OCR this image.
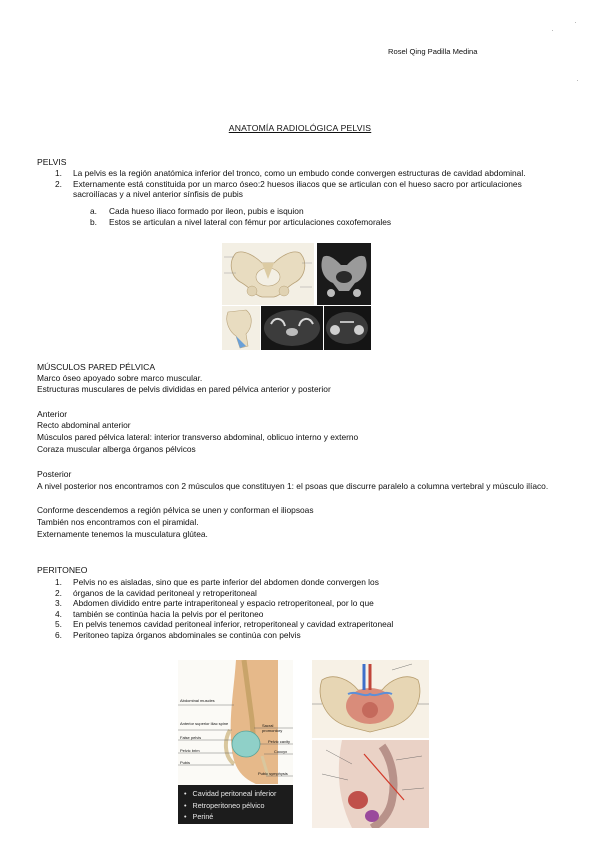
Rosel Qing Padilla Medina
ANATOMÍA RADIOLÓGICA PELVIS
PELVIS
1. La pelvis es la región anatómica inferior del tronco, como un embudo conde convergen estructuras de cavidad abdominal.
2. Externamente está constituida por un marco óseo:2 huesos iliacos que se articulan con el hueso sacro por articulaciones
sacroilíacas y a nivel anterior sínfisis de pubis
a. Cada hueso iliaco formado por ileon, pubis e isquion
b. Estos se articulan a nivel lateral con fémur por articulaciones coxofemorales
MÚSCULOS PARED PÉLVICA
Marco óseo apoyado sobre marco muscular.
Estructuras musculares de pelvis divididas en pared pélvica anterior y posterior
Anterior
Recto abdominal anterior
Músculos pared pélvica lateral: interior transverso abdominal, oblicuo interno y externo
Coraza muscular alberga órganos pélvicos
Posterior
A nivel posterior nos encontramos con 2 músculos que constituyen 1: el psoas que discurre paralelo a columna vertebral y músculo ilíaco.
Conforme descendemos a región pélvica se unen y conforman el iliopsoas
También nos encontramos con el piramidal.
Externamente tenemos la musculatura glútea.
PERITONEO
1. Pelvis no es aisladas, sino que es parte inferior del abdomen donde convergen los
2. órganos de la cavidad peritoneal y retroperitoneal
3. Abdomen dividido entre parte intraperitoneal y espacio retroperitoneal, por lo que
4. también se continúa hacia la pelvis por el peritoneo
5. En pelvis tenemos cavidad peritoneal inferior, retroperitoneal y cavidad extraperitoneal
6. Peritoneo tapiza órganos abdominales se continúa con pelvis
Abdominal muscles
Anterior superior iliac spine
False pelvis
Pelvic brim
Pubis
Sacral promontory
Pelvic cavity
Coccyx
Pubic symphysis
• Cavidad peritoneal inferior
• Retroperitoneo pélvico
• Periné
